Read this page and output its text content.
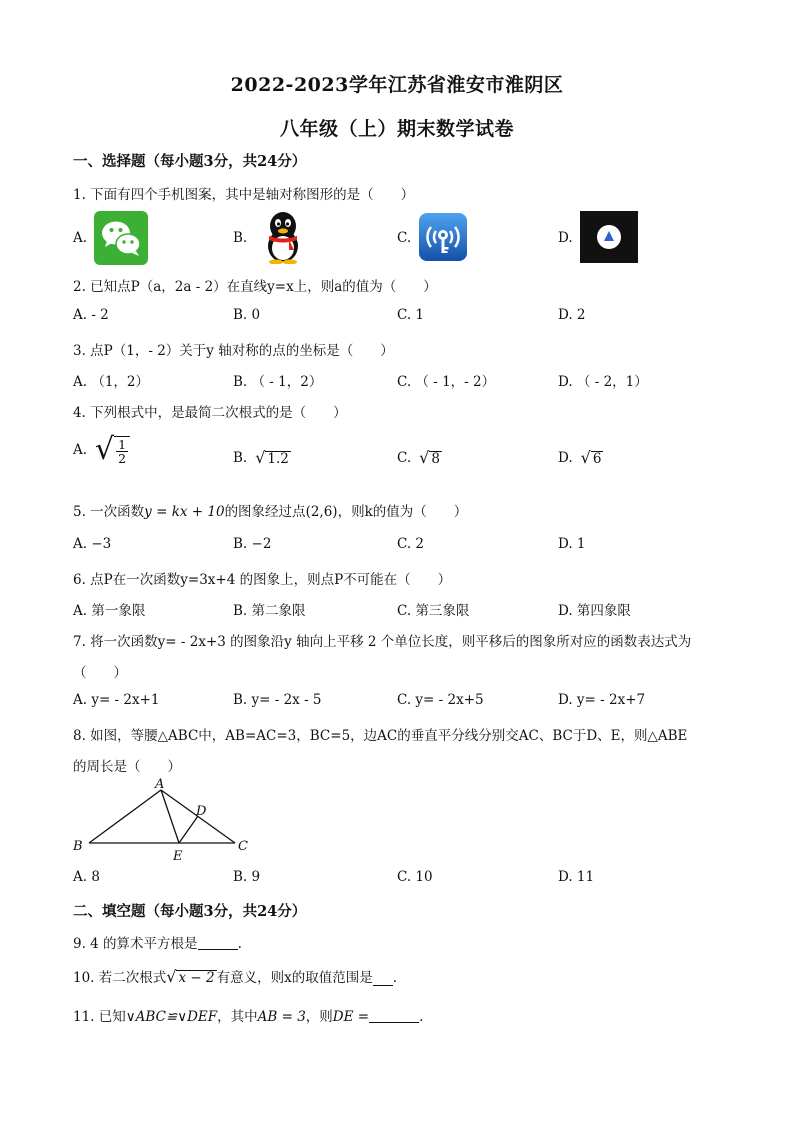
2022-2023学年江苏省淮安市淮阴区
八年级（上）期末数学试卷
一、选择题（每小题3分，共24分）
1. 下面有四个手机图案，其中是轴对称图形的是（　　）
A.	B.	C.	D.
2. 已知点P（a，2a - 2）在直线y=x上，则a的值为（　　）
A. - 2	B. 0	C. 1	D. 2
3. 点P（1，- 2）关于y 轴对称的点的坐标是（　　）
A. （1，2）	B. （ - 1，2）	C. （ - 1，- 2）	D. （ - 2，1）
4. 下列根式中，是最简二次根式的是（　　）
A. √ $\frac{1}{2}$	B. √ 1.2	C. √ 8	D. √ 6
5. 一次函数y = kx + 10的图象经过点(2,6)，则k的值为（　　）
A. −3	B. −2	C. 2	D. 1
6. 点P在一次函数y=3x+4 的图象上，则点P不可能在（　　）
A. 第一象限	B. 第二象限	C. 第三象限	D. 第四象限
7. 将一次函数y= - 2x+3 的图象沿y 轴向上平移 2 个单位长度，则平移后的图象所对应的函数表达式为
（　　）
A. y= - 2x+1	B. y= - 2x - 5	C. y= - 2x+5	D. y= - 2x+7
8. 如图，等腰△ABC中，AB=AC=3，BC=5，边AC的垂直平分线分别交AC、BC于D、E，则△ABE
的周长是（　　）
A
B	C
D
E
A. 8	B. 9	C. 10	D. 11
二、填空题（每小题3分，共24分）
9. 4 的算术平方根是	.
10. 若二次根式 √ x − 2 有意义，则x的取值范围是 .
11. 已知∨ABC≌∨DEF，其中AB = 3，则DE =	.
